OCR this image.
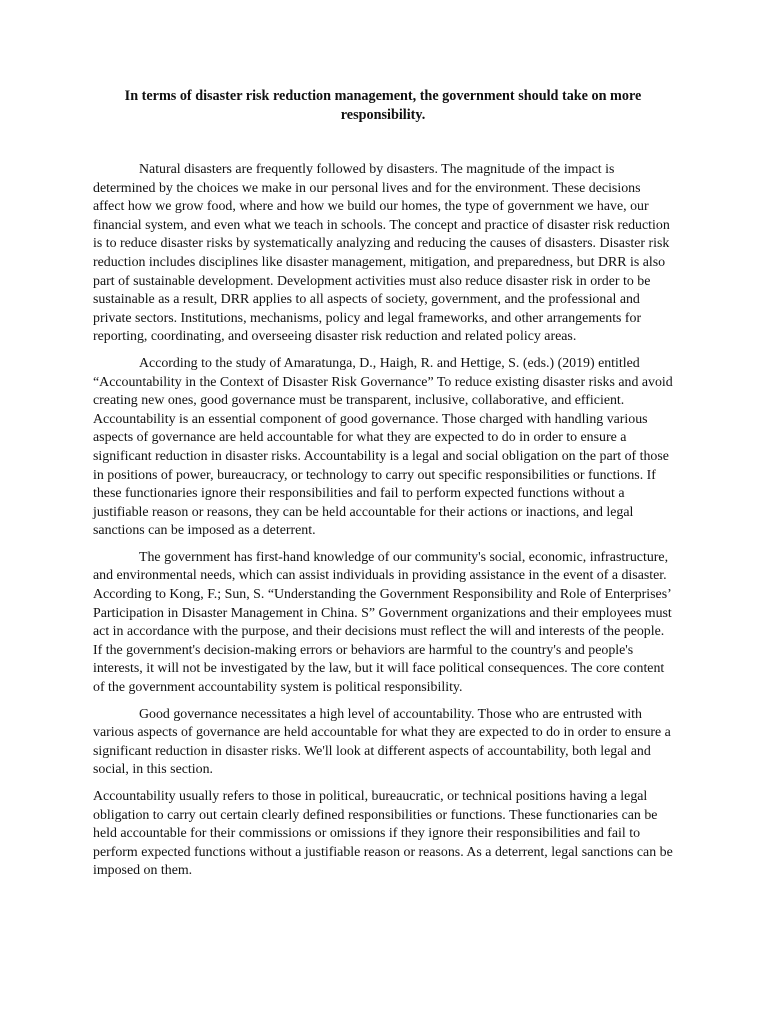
In terms of disaster risk reduction management, the government should take on more responsibility.

Natural disasters are frequently followed by disasters. The magnitude of the impact is determined by the choices we make in our personal lives and for the environment. These decisions affect how we grow food, where and how we build our homes, the type of government we have, our financial system, and even what we teach in schools. The concept and practice of disaster risk reduction is to reduce disaster risks by systematically analyzing and reducing the causes of disasters. Disaster risk reduction includes disciplines like disaster management, mitigation, and preparedness, but DRR is also part of sustainable development. Development activities must also reduce disaster risk in order to be sustainable as a result, DRR applies to all aspects of society, government, and the professional and private sectors. Institutions, mechanisms, policy and legal frameworks, and other arrangements for reporting, coordinating, and overseeing disaster risk reduction and related policy areas.

According to the study of Amaratunga, D., Haigh, R. and Hettige, S. (eds.) (2019) entitled “Accountability in the Context of Disaster Risk Governance” To reduce existing disaster risks and avoid creating new ones, good governance must be transparent, inclusive, collaborative, and efficient. Accountability is an essential component of good governance. Those charged with handling various aspects of governance are held accountable for what they are expected to do in order to ensure a significant reduction in disaster risks. Accountability is a legal and social obligation on the part of those in positions of power, bureaucracy, or technology to carry out specific responsibilities or functions. If these functionaries ignore their responsibilities and fail to perform expected functions without a justifiable reason or reasons, they can be held accountable for their actions or inactions, and legal sanctions can be imposed as a deterrent.

The government has first-hand knowledge of our community's social, economic, infrastructure, and environmental needs, which can assist individuals in providing assistance in the event of a disaster. According to Kong, F.; Sun, S. “Understanding the Government Responsibility and Role of Enterprises’ Participation in Disaster Management in China. S” Government organizations and their employees must act in accordance with the purpose, and their decisions must reflect the will and interests of the people. If the government's decision-making errors or behaviors are harmful to the country's and people's interests, it will not be investigated by the law, but it will face political consequences. The core content of the government accountability system is political responsibility.

Good governance necessitates a high level of accountability. Those who are entrusted with various aspects of governance are held accountable for what they are expected to do in order to ensure a significant reduction in disaster risks. We'll look at different aspects of accountability, both legal and social, in this section.

Accountability usually refers to those in political, bureaucratic, or technical positions having a legal obligation to carry out certain clearly defined responsibilities or functions. These functionaries can be held accountable for their commissions or omissions if they ignore their responsibilities and fail to perform expected functions without a justifiable reason or reasons. As a deterrent, legal sanctions can be imposed on them.
